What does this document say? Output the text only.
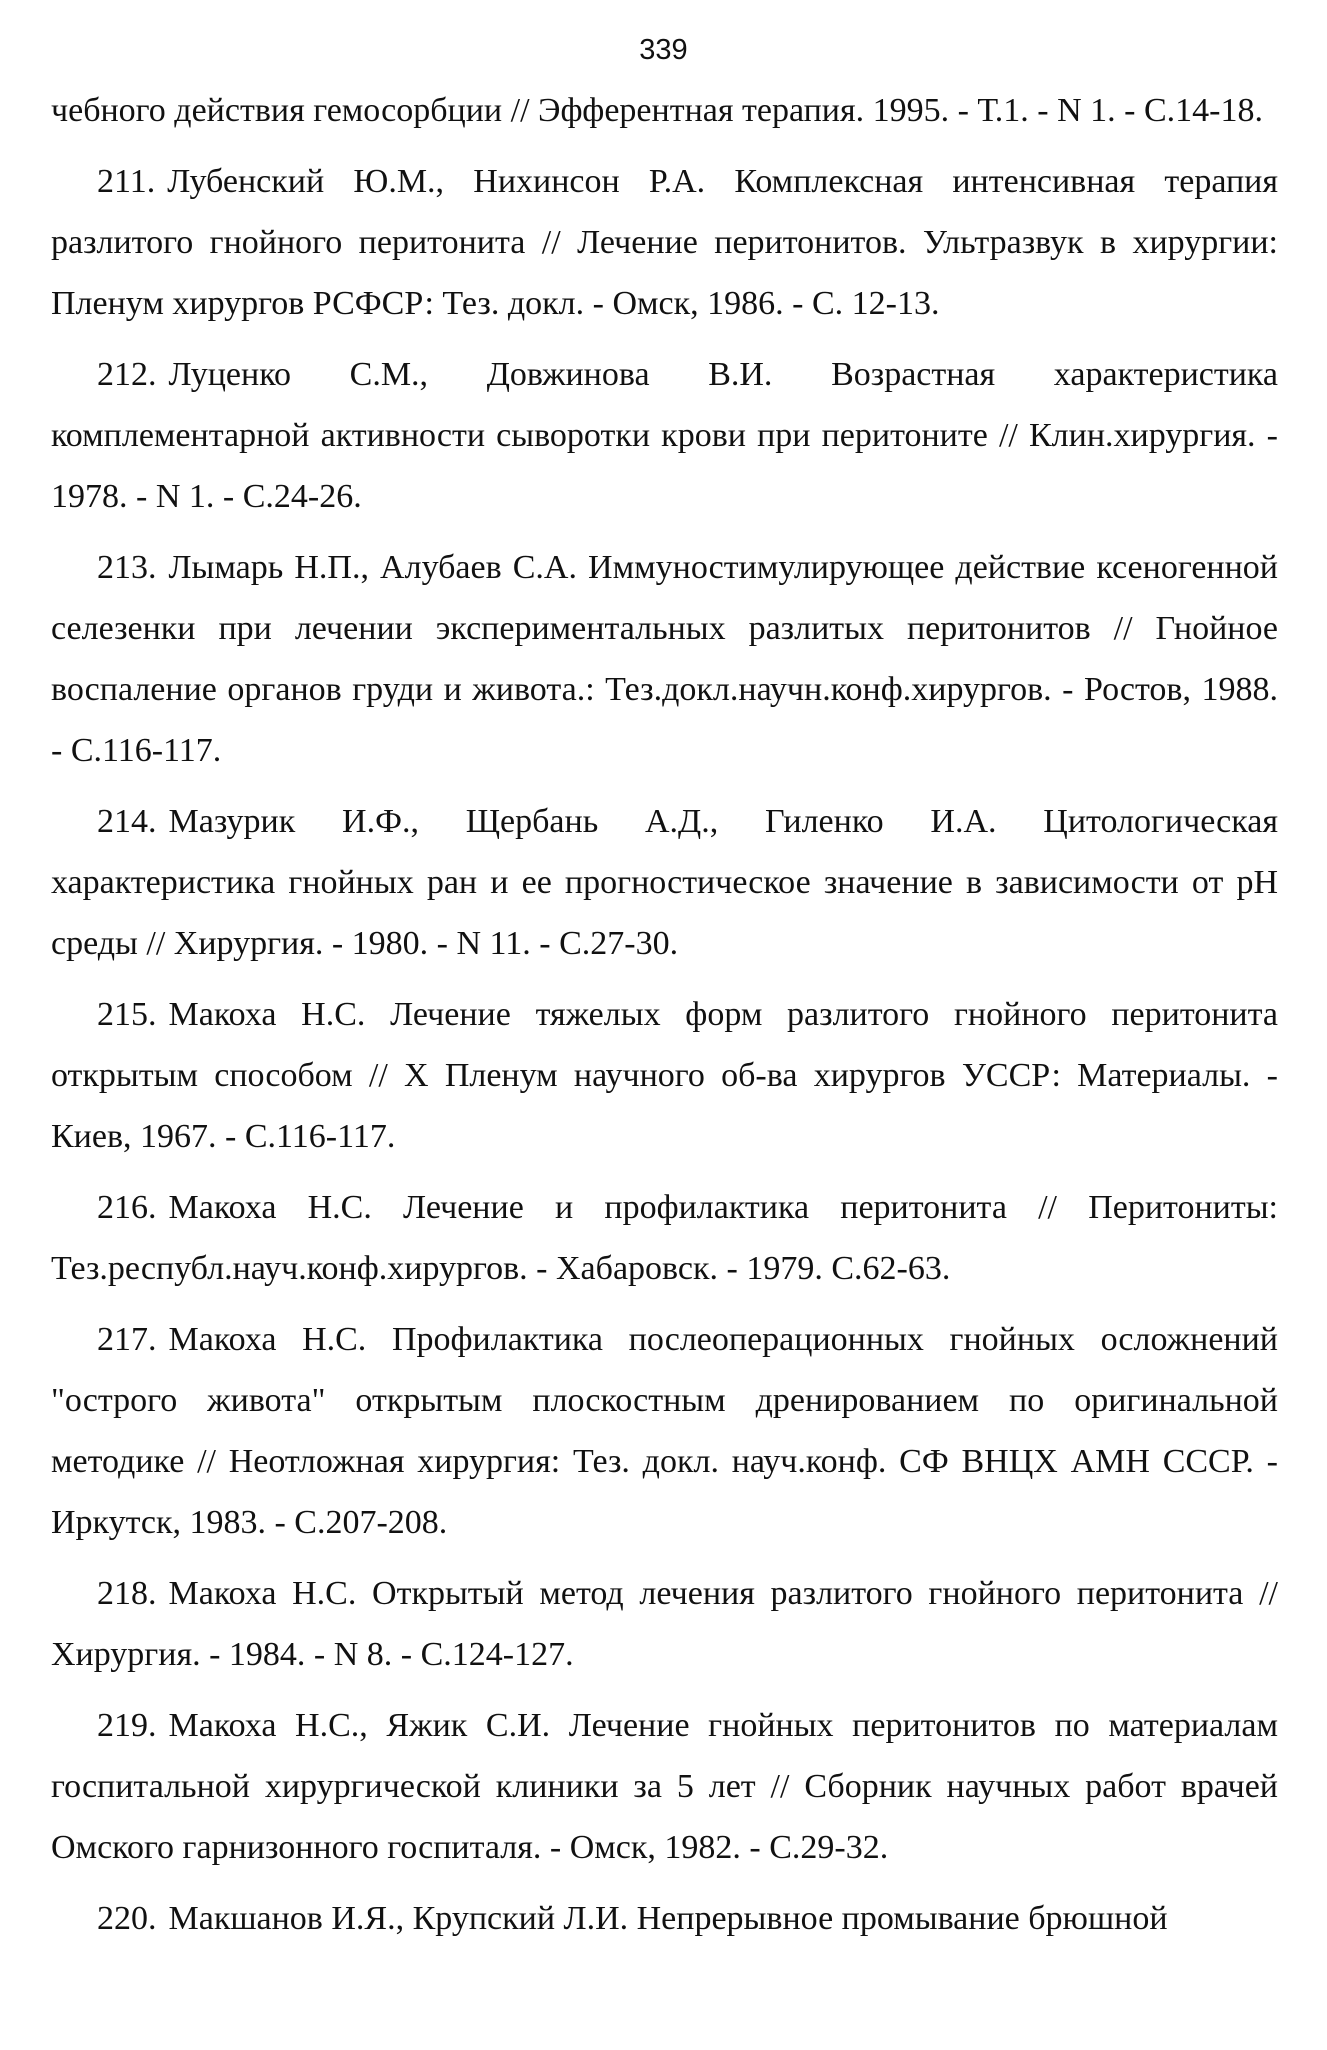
339

чебного действия гемосорбции // Эфферентная терапия. 1995. - Т.1. - N 1. - С.14-18.

211. Лубенский Ю.М., Нихинсон Р.А. Комплексная интенсивная терапия разлитого гнойного перитонита // Лечение перитонитов. Ультразвук в хирургии: Пленум хирургов РСФСР: Тез. докл. - Омск, 1986. - С. 12-13.

212. Луценко С.М., Довжинова В.И. Возрастная характеристика комплементарной активности сыворотки крови при перитоните // Клин.хирургия. - 1978. - N 1. - С.24-26.

213. Лымарь Н.П., Алубаев С.А. Иммуностимулирующее действие ксеногенной селезенки при лечении экспериментальных разлитых перитонитов // Гнойное воспаление органов груди и живота.: Тез.докл.научн.конф.хирургов. - Ростов, 1988. - С.116-117.

214. Мазурик И.Ф., Щербань А.Д., Гиленко И.А. Цитологическая характеристика гнойных ран и ее прогностическое значение в зависимости от рН среды // Хирургия. - 1980. - N 11. - С.27-30.

215. Макоха Н.С. Лечение тяжелых форм разлитого гнойного перитонита открытым способом // X Пленум научного об-ва хирургов УССР: Материалы. - Киев, 1967. - С.116-117.

216. Макоха Н.С. Лечение и профилактика перитонита // Перитониты: Тез.республ.науч.конф.хирургов. - Хабаровск. - 1979. С.62-63.

217. Макоха Н.С. Профилактика послеоперационных гнойных осложнений "острого живота" открытым плоскостным дренированием по оригинальной методике // Неотложная хирургия: Тез. докл. науч.конф. СФ ВНЦХ АМН СССР. - Иркутск, 1983. - С.207-208.

218. Макоха Н.С. Открытый метод лечения разлитого гнойного перитонита // Хирургия. - 1984. - N 8. - С.124-127.

219. Макоха Н.С., Яжик С.И. Лечение гнойных перитонитов по материалам госпитальной хирургической клиники за 5 лет // Сборник научных работ врачей Омского гарнизонного госпиталя. - Омск, 1982. - С.29-32.

220. Макшанов И.Я., Крупский Л.И. Непрерывное промывание брюшной
